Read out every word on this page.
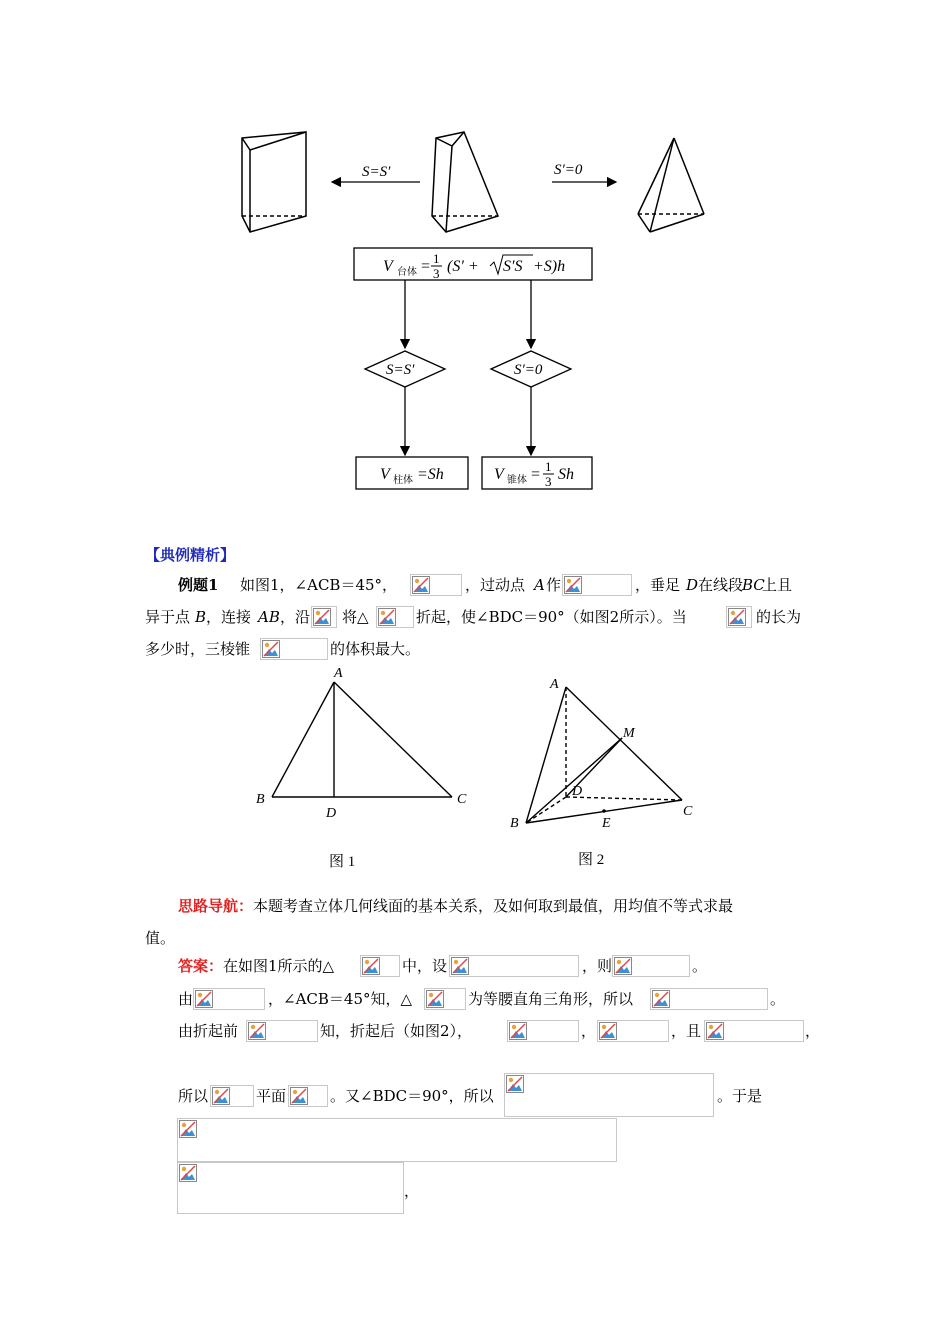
S=S′	S′=0
V 台体 = 1
3 (S′ + S′S +S)h
S=S′	S′=0
V 柱体 =Sh	V 锥体 = 1
3 Sh
【典例精析】
例题1 如图1，∠ACB＝45°，	，过动点 A 作	，垂足 D 在线段
BC
上且
异于点 B ，连接 AB ，沿 将△	折起，使∠BDC＝90°（如图2所示）。当	的长为
多少时，三棱锥	的体积最大。
A
B	C
D
图 1
A
M
D
B
C
E
图 2
思路导航：本题考查立体几何线面的基本关系，及如何取到最值，用均值不等式求最
值。
答案：在如图1所示的△	中，设	，则	。
由	，∠ACB＝45°知，△	为等腰直角三角形，所以	。
由折起前	知，折起后（如图2），	，	，且	，
所以	平面	。又∠BDC＝90°，所以	。于是
，
